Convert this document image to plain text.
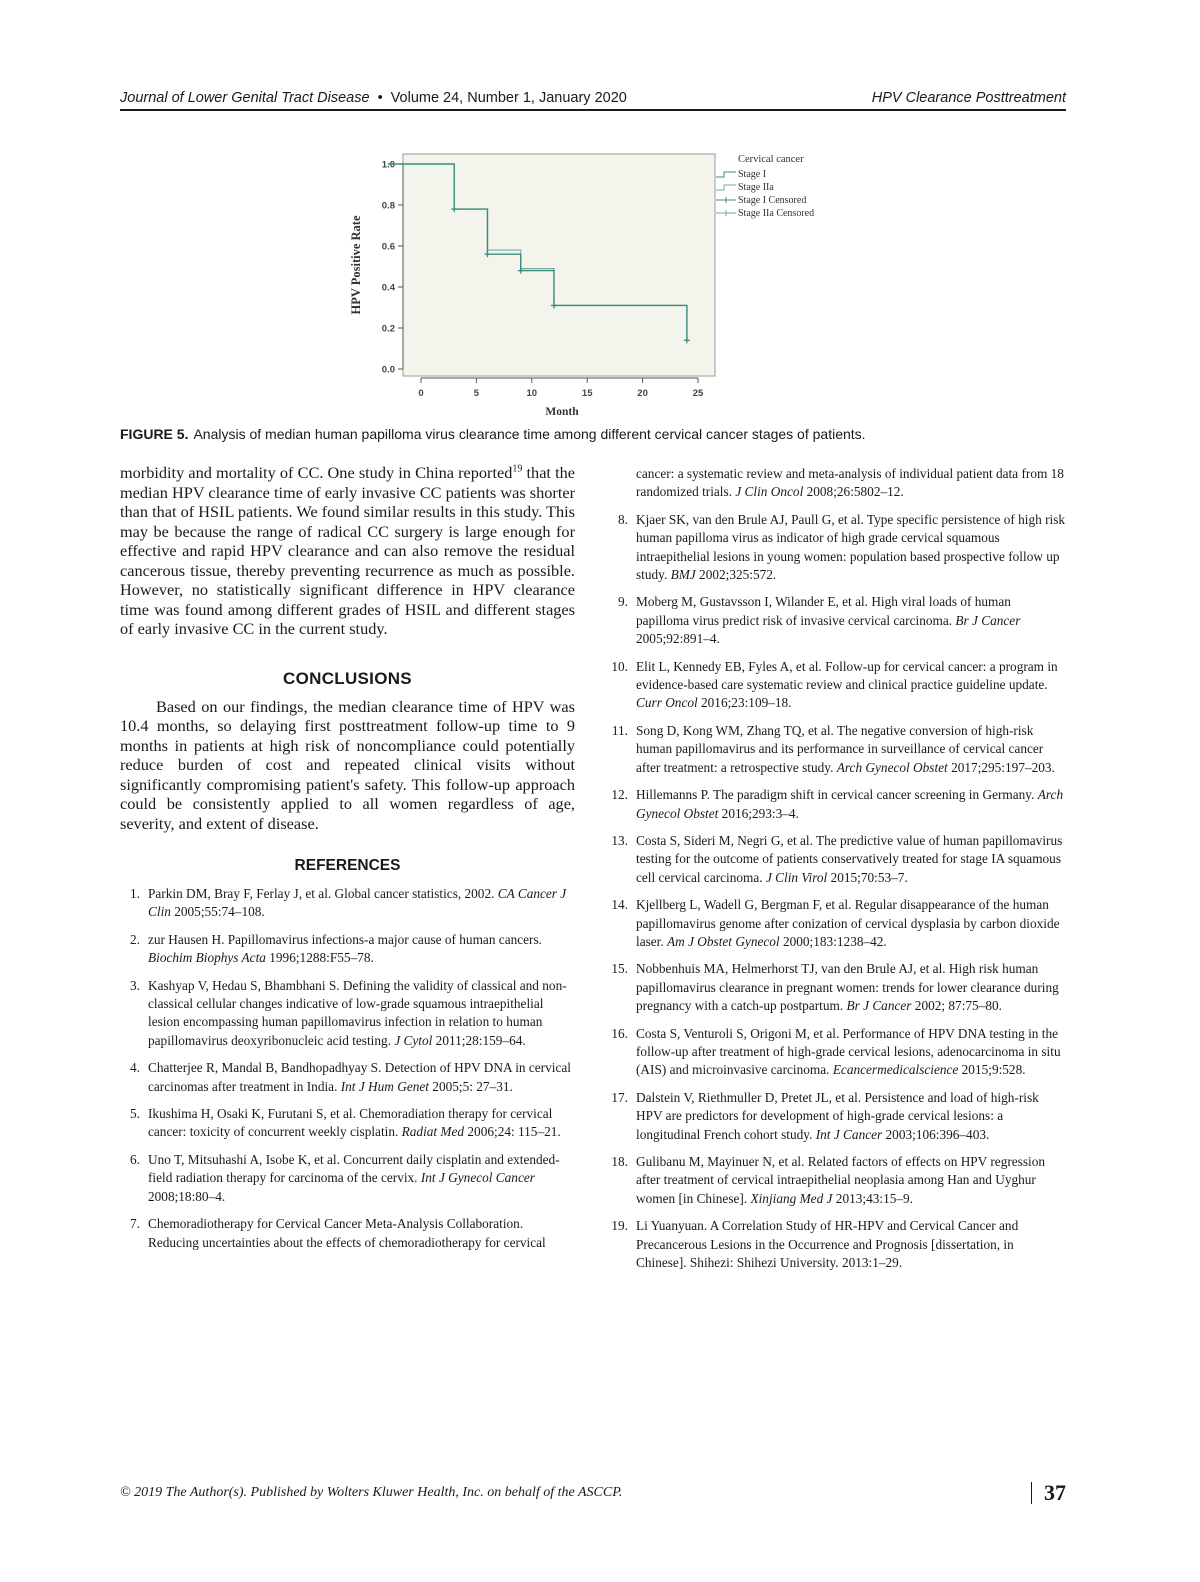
Journal of Lower Genital Tract Disease • Volume 24, Number 1, January 2020	HPV Clearance Posttreatment
0.0
0.2
0.4
0.6
0.8
1.0
0	5	10	15	20	25
Month
HPV Positive Rate
Cervical cancer
Stage I
Stage IIa
Stage I Censored
Stage IIa Censored
FIGURE 5. Analysis of median human papilloma virus clearance time among different cervical cancer stages of patients.

morbidity and mortality of CC. One study in China reported$^{19}$ that the median HPV clearance time of early invasive CC patients was shorter than that of HSIL patients. We found similar results in this study. This may be because the range of radical CC surgery is large enough for effective and rapid HPV clearance and can also remove the residual cancerous tissue, thereby preventing recurrence as much as possible. However, no statistically significant difference in HPV clearance time was found among different grades of HSIL and different stages of early invasive CC in the current study.

CONCLUSIONS

Based on our findings, the median clearance time of HPV was 10.4 months, so delaying first posttreatment follow-up time to 9 months in patients at high risk of noncompliance could potentially reduce burden of cost and repeated clinical visits without significantly compromising patient's safety. This follow-up approach could be consistently applied to all women regardless of age, severity, and extent of disease.

REFERENCES
1. Parkin DM, Bray F, Ferlay J, et al. Global cancer statistics, 2002. CA Cancer J Clin 2005;55:74–108.
2. zur Hausen H. Papillomavirus infections-a major cause of human cancers. Biochim Biophys Acta 1996;1288:F55–78.
3. Kashyap V, Hedau S, Bhambhani S. Defining the validity of classical and non-classical cellular changes indicative of low-grade squamous intraepithelial lesion encompassing human papillomavirus infection in relation to human papillomavirus deoxyribonucleic acid testing. J Cytol 2011;28:159–64.
4. Chatterjee R, Mandal B, Bandhopadhyay S. Detection of HPV DNA in cervical carcinomas after treatment in India. Int J Hum Genet 2005;5: 27–31.
5. Ikushima H, Osaki K, Furutani S, et al. Chemoradiation therapy for cervical cancer: toxicity of concurrent weekly cisplatin. Radiat Med 2006;24: 115–21.
6. Uno T, Mitsuhashi A, Isobe K, et al. Concurrent daily cisplatin and extended-field radiation therapy for carcinoma of the cervix. Int J Gynecol Cancer 2008;18:80–4.
7. Chemoradiotherapy for Cervical Cancer Meta-Analysis Collaboration. Reducing uncertainties about the effects of chemoradiotherapy for cervical
cancer: a systematic review and meta-analysis of individual patient data from 18 randomized trials. J Clin Oncol 2008;26:5802–12.
8. Kjaer SK, van den Brule AJ, Paull G, et al. Type specific persistence of high risk human papilloma virus as indicator of high grade cervical squamous intraepithelial lesions in young women: population based prospective follow up study. BMJ 2002;325:572.
9. Moberg M, Gustavsson I, Wilander E, et al. High viral loads of human papilloma virus predict risk of invasive cervical carcinoma. Br J Cancer 2005;92:891–4.
10. Elit L, Kennedy EB, Fyles A, et al. Follow-up for cervical cancer: a program in evidence-based care systematic review and clinical practice guideline update. Curr Oncol 2016;23:109–18.
11. Song D, Kong WM, Zhang TQ, et al. The negative conversion of high-risk human papillomavirus and its performance in surveillance of cervical cancer after treatment: a retrospective study. Arch Gynecol Obstet 2017;295:197–203.
12. Hillemanns P. The paradigm shift in cervical cancer screening in Germany. Arch Gynecol Obstet 2016;293:3–4.
13. Costa S, Sideri M, Negri G, et al. The predictive value of human papillomavirus testing for the outcome of patients conservatively treated for stage IA squamous cell cervical carcinoma. J Clin Virol 2015;70:53–7.
14. Kjellberg L, Wadell G, Bergman F, et al. Regular disappearance of the human papillomavirus genome after conization of cervical dysplasia by carbon dioxide laser. Am J Obstet Gynecol 2000;183:1238–42.
15. Nobbenhuis MA, Helmerhorst TJ, van den Brule AJ, et al. High risk human papillomavirus clearance in pregnant women: trends for lower clearance during pregnancy with a catch-up postpartum. Br J Cancer 2002; 87:75–80.
16. Costa S, Venturoli S, Origoni M, et al. Performance of HPV DNA testing in the follow-up after treatment of high-grade cervical lesions, adenocarcinoma in situ (AIS) and microinvasive carcinoma. Ecancermedicalscience 2015;9:528.
17. Dalstein V, Riethmuller D, Pretet JL, et al. Persistence and load of high-risk HPV are predictors for development of high-grade cervical lesions: a longitudinal French cohort study. Int J Cancer 2003;106:396–403.
18. Gulibanu M, Mayinuer N, et al. Related factors of effects on HPV regression after treatment of cervical intraepithelial neoplasia among Han and Uyghur women [in Chinese]. Xinjiang Med J 2013;43:15–9.
19. Li Yuanyuan. A Correlation Study of HR-HPV and Cervical Cancer and Precancerous Lesions in the Occurrence and Prognosis [dissertation, in Chinese]. Shihezi: Shihezi University. 2013:1–29.
© 2019 The Author(s). Published by Wolters Kluwer Health, Inc. on behalf of the ASCCP.	37
